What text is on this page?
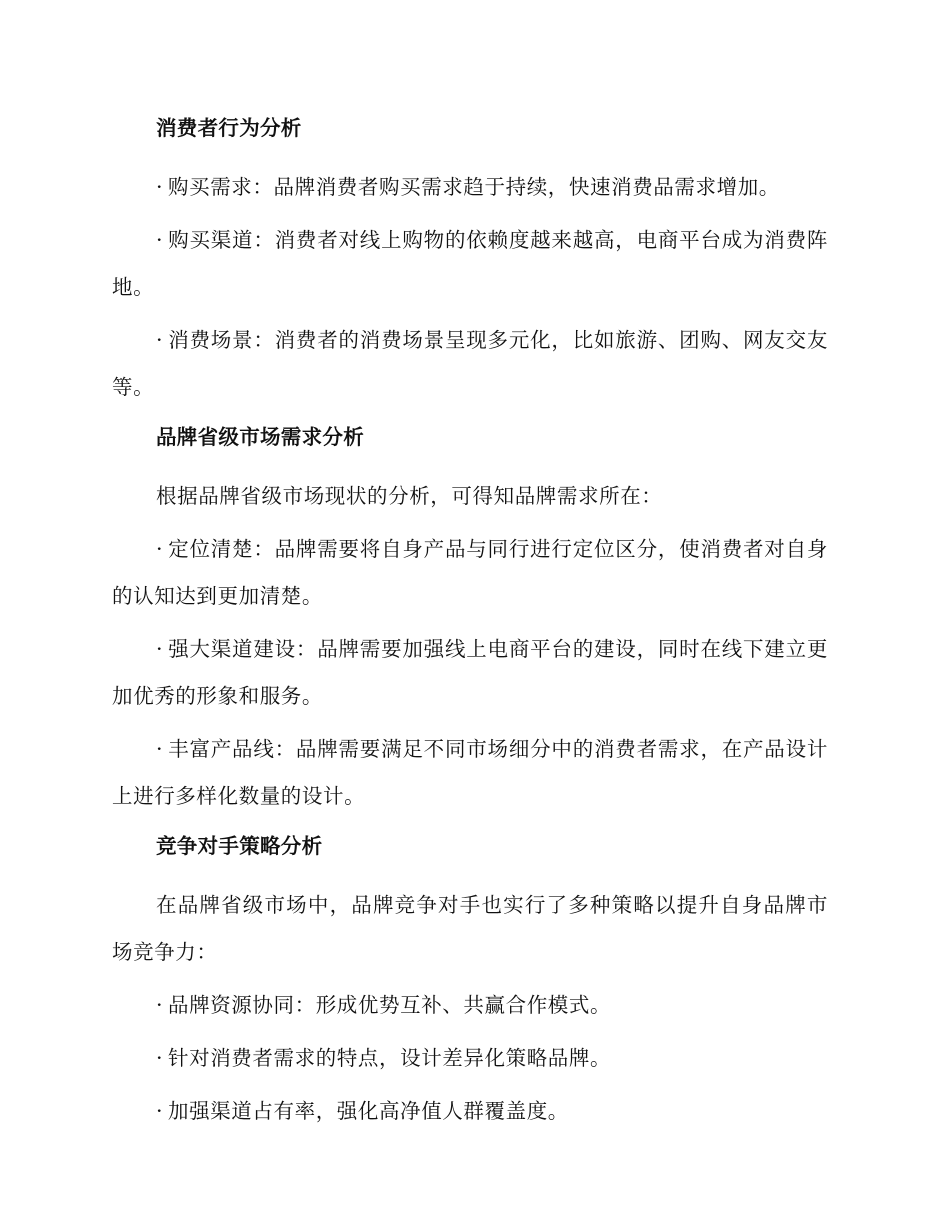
消费者行为分析

· 购买需求：品牌消费者购买需求趋于持续，快速消费品需求增加。

· 购买渠道：消费者对线上购物的依赖度越来越高，电商平台成为消费阵地。

· 消费场景：消费者的消费场景呈现多元化，比如旅游、团购、网友交友等。

品牌省级市场需求分析

根据品牌省级市场现状的分析，可得知品牌需求所在：

· 定位清楚：品牌需要将自身产品与同行进行定位区分，使消费者对自身的认知达到更加清楚。

· 强大渠道建设：品牌需要加强线上电商平台的建设，同时在线下建立更加优秀的形象和服务。

· 丰富产品线：品牌需要满足不同市场细分中的消费者需求，在产品设计上进行多样化数量的设计。

竞争对手策略分析

在品牌省级市场中，品牌竞争对手也实行了多种策略以提升自身品牌市场竞争力：

· 品牌资源协同：形成优势互补、共赢合作模式。

· 针对消费者需求的特点，设计差异化策略品牌。

· 加强渠道占有率，强化高净值人群覆盖度。
